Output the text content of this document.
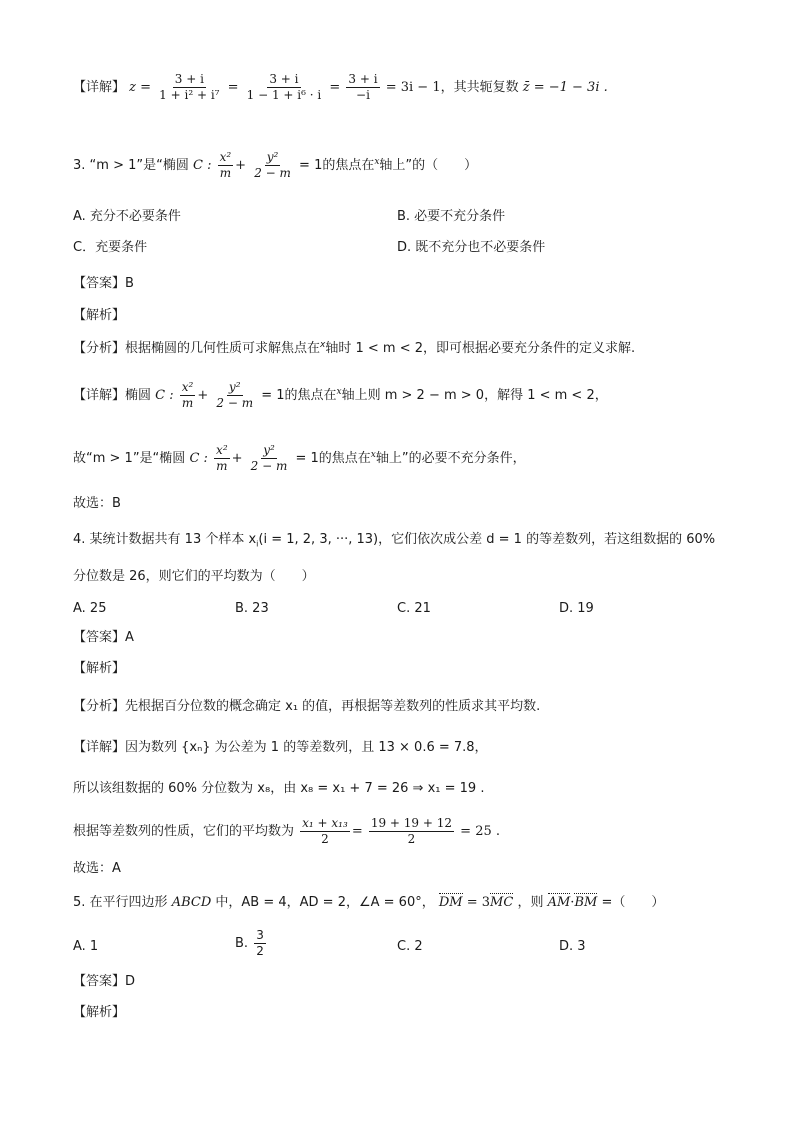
【详解】 $z = \frac{3 + i}{\text{1 + i² + i⁷}} = \frac{3 + i}{\text{1 − 1 + i⁶ · i}} = \frac{3 + i}{-i} = 3i - 1$，其共轭复数 z̄ = −1 − 3i .
3. “m > 1”是“椭圆 C : $\frac{\text{x²}}{m} + \frac{\text{y²}}{2 - m} = 1$的焦点在$^x$轴上”的（　　）
A. 充分不必要条件	B. 必要不充分条件
C．充要条件	D. 既不充分也不必要条件
【答案】B
【解析】
【分析】根据椭圆的几何性质可求解焦点在$^x$轴时 1 < m < 2，即可根据必要充分条件的定义求解.
【详解】椭圆 C : $\frac{\text{x²}}{m} + \frac{\text{y²}}{2 - m} = 1$的焦点在$^x$轴上则 m > 2 − m > 0，解得 1 < m < 2，
故“m > 1”是“椭圆 C : $\frac{\text{x²}}{m} + \frac{\text{y²}}{2 - m} = 1$的焦点在$^x$轴上”的必要不充分条件，
故选：B
4. 某统计数据共有 13 个样本 $x_i(i = 1$, 2, 3, ···, 13)，它们依次成公差 d = 1 的等差数列，若这组数据的 60%
分位数是 26，则它们的平均数为（　　）
A. 25	B. 23	C. 21	D. 19
【答案】A
【解析】
【分析】先根据百分位数的概念确定 x₁ 的值，再根据等差数列的性质求其平均数.
【详解】因为数列 {xₙ} 为公差为 1 的等差数列，且 13 × 0.6 = 7.8，
所以该组数据的 60% 分位数为 x₈，由 x₈ = x₁ + 7 = 26 ⇒ x₁ = 19 .
根据等差数列的性质，它们的平均数为 $\frac{\text{x₁ + x₁₃}}{2} = \frac{19 + 19 + 12}{2} = 25$ .
故选：A
5. 在平行四边形 ABCD 中，AB = 4，AD = 2，∠A = 60°， DM = 3MC ，则 AM·BM =（　　）
A. 1	B. $\frac{3}{2}$	C. 2	D. 3
【答案】D
【解析】
